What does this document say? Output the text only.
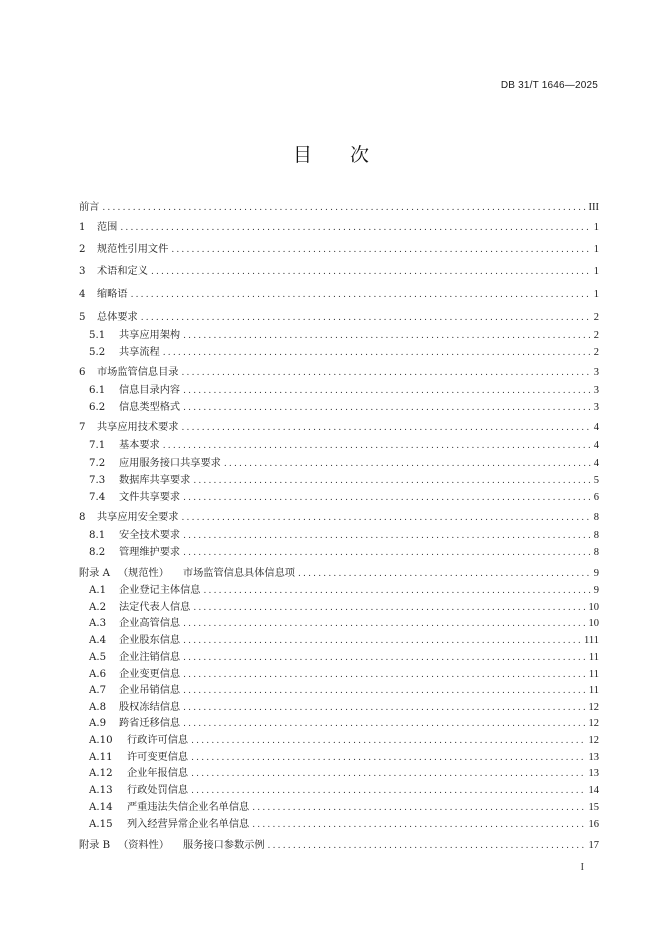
DB 31/T 1646—2025
目 次
前言 .....	III
1	范围 .....	1
2	规范性引用文件 .....	1
3	术语和定义 .....	1
4	缩略语 .....	1
5	总体要求 .....	2
5.1	共享应用架构 .....	2
5.2	共享流程 .....	2
6	市场监管信息目录 .....	3
6.1	信息目录内容 .....	3
6.2	信息类型格式 .....	3
7	共享应用技术要求 .....	4
7.1	基本要求 .....	4
7.2	应用服务接口共享要求 .....	4
7.3	数据库共享要求 .....	5
7.4	文件共享要求 .....	6
8	共享应用安全要求 .....	8
8.1	安全技术要求 .....	8
8.2	管理维护要求 .....	8
附录 A （规范性） 市场监管信息具体信息项 .....	9
A.1	企业登记主体信息 .....	9
A.2	法定代表人信息 .....	10
A.3	企业高管信息 .....	10
A.4	企业股东信息 .....	111
A.5	企业注销信息 .....	11
A.6	企业变更信息 .....	11
A.7	企业吊销信息 .....	11
A.8	股权冻结信息 .....	12
A.9	跨省迁移信息 .....	12
A.10	行政许可信息 .....	12
A.11	许可变更信息 .....	13
A.12	企业年报信息 .....	13
A.13	行政处罚信息 .....	14
A.14	严重违法失信企业名单信息 .....	15
A.15	列入经营异常企业名单信息 .....	16
附录 B （资料性） 服务接口参数示例 .....	17
I
